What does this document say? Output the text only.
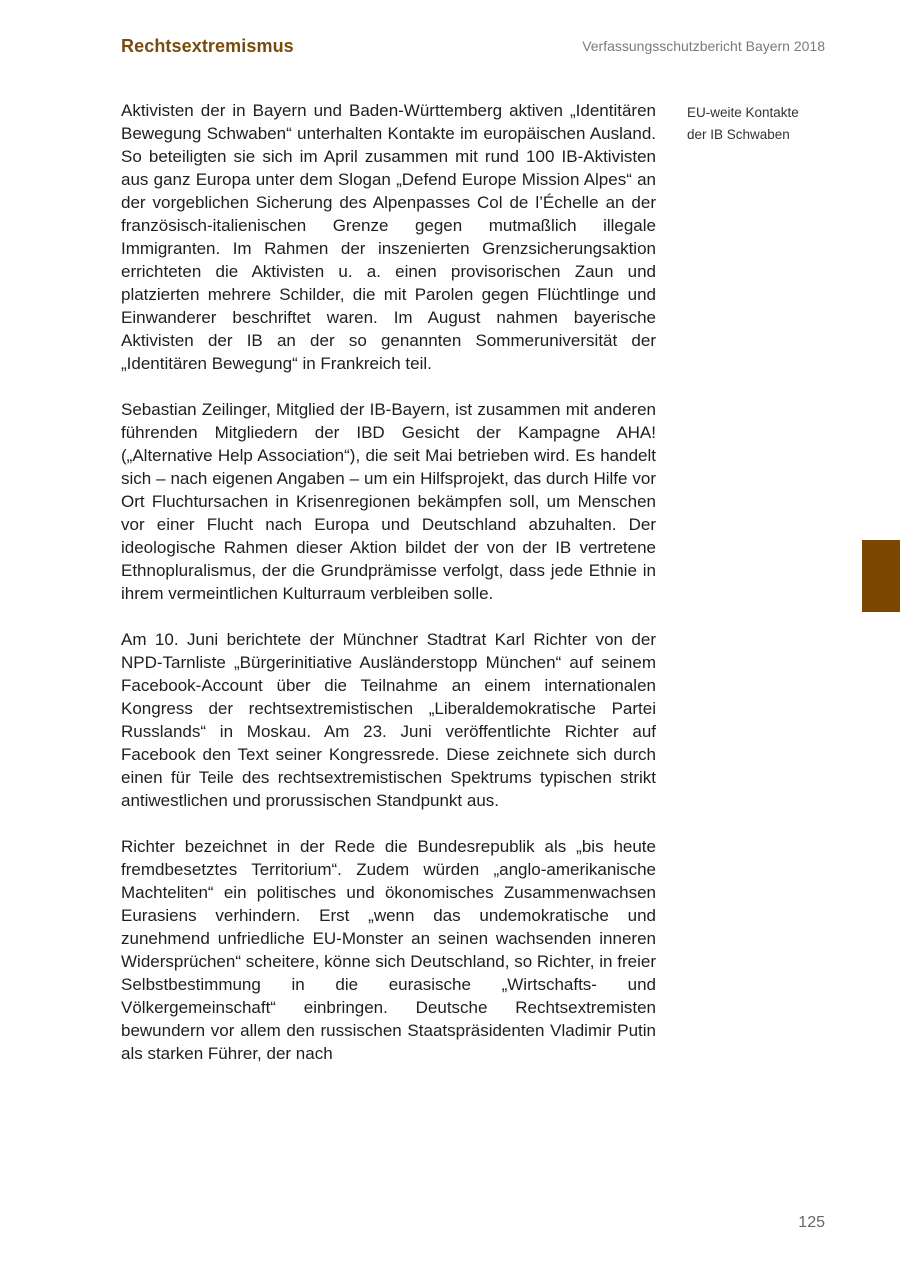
Rechtsextremismus	Verfassungsschutzbericht Bayern 2018

Aktivisten der in Bayern und Baden-Württemberg aktiven „Identitären Bewegung Schwaben“ unterhalten Kontakte im europäischen Ausland. So beteiligten sie sich im April zusammen mit rund 100 IB-Aktivisten aus ganz Europa unter dem Slogan „Defend Europe Mission Alpes“ an der vorgeblichen Sicherung des Alpenpasses Col de l’Échelle an der französisch-italienischen Grenze gegen mutmaßlich illegale Immigranten. Im Rahmen der inszenierten Grenzsicherungsaktion errichteten die Aktivisten u. a. einen provisorischen Zaun und platzierten mehrere Schilder, die mit Parolen gegen Flüchtlinge und Einwanderer beschriftet waren. Im August nahmen bayerische Aktivisten der IB an der so genannten Sommeruniversität der „Identitären Bewegung“ in Frankreich teil.

Sebastian Zeilinger, Mitglied der IB-Bayern, ist zusammen mit anderen führenden Mitgliedern der IBD Gesicht der Kampagne AHA! („Alternative Help Association“), die seit Mai betrieben wird. Es handelt sich – nach eigenen Angaben – um ein Hilfsprojekt, das durch Hilfe vor Ort Fluchtursachen in Krisenregionen bekämpfen soll, um Menschen vor einer Flucht nach Europa und Deutschland abzuhalten. Der ideologische Rahmen dieser Aktion bildet der von der IB vertretene Ethnopluralismus, der die Grundprämisse verfolgt, dass jede Ethnie in ihrem vermeintlichen Kulturraum verbleiben solle.

Am 10. Juni berichtete der Münchner Stadtrat Karl Richter von der NPD-Tarnliste „Bürgerinitiative Ausländerstopp München“ auf seinem Facebook-Account über die Teilnahme an einem internationalen Kongress der rechtsextremistischen „Liberaldemokratische Partei Russlands“ in Moskau. Am 23. Juni veröffentlichte Richter auf Facebook den Text seiner Kongressrede. Diese zeichnete sich durch einen für Teile des rechtsextremistischen Spektrums typischen strikt antiwestlichen und prorussischen Standpunkt aus.

Richter bezeichnet in der Rede die Bundesrepublik als „bis heute fremdbesetztes Territorium“. Zudem würden „anglo-amerikanische Machteliten“ ein politisches und ökonomisches Zusammenwachsen Eurasiens verhindern. Erst „wenn das undemokratische und zunehmend unfriedliche EU-Monster an seinen wachsenden inneren Widersprüchen“ scheitere, könne sich Deutschland, so Richter, in freier Selbstbestimmung in die eurasische „Wirtschafts- und Völkergemeinschaft“ einbringen. Deutsche Rechtsextremisten bewundern vor allem den russischen Staatspräsidenten Vladimir Putin als starken Führer, der nach

EU-weite Kontakte
der IB Schwaben
125
